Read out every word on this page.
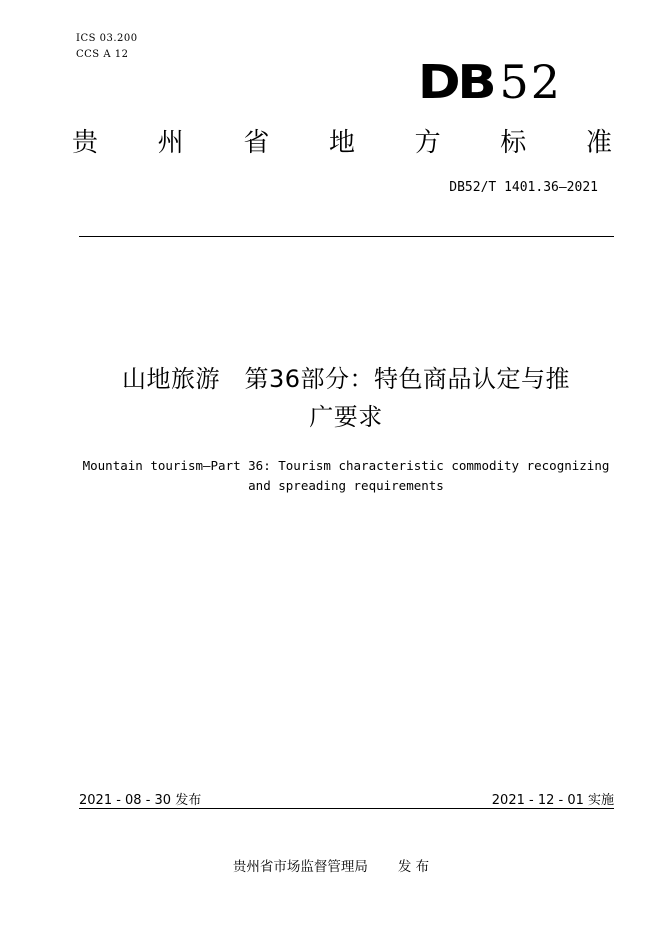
ICS 03.200
CCS A 12
DB 52
贵 州 省 地 方 标 准
DB52/T 1401.36—2021
山地旅游　第36部分：特色商品认定与推
广要求
Mountain tourism—Part 36: Tourism characteristic commodity recognizing
and spreading requirements
2021 - 08 - 30 发布	2021 - 12 - 01 实施
贵州省市场监督管理局 发 布
